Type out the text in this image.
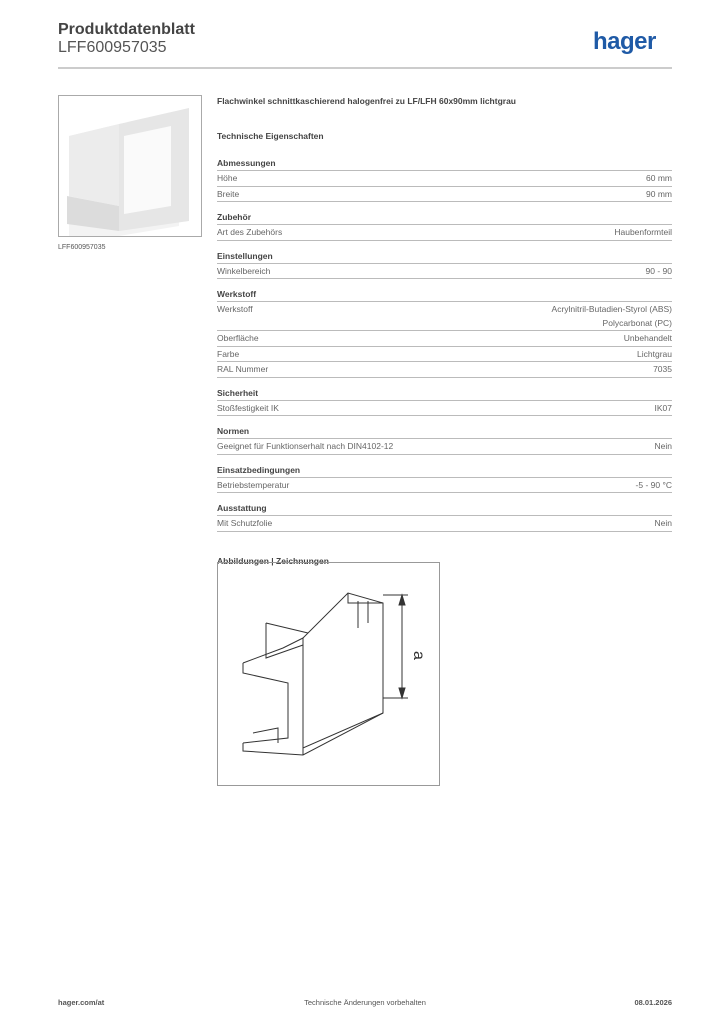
Produktdatenblatt
LFF600957035	hager
LFF600957035
Flachwinkel schnittkaschierend halogenfrei zu LF/LFH 60x90mm lichtgrau
Technische Eigenschaften
Abmessungen
Höhe	60 mm
Breite	90 mm
Zubehör
Art des Zubehörs	Haubenformteil
Einstellungen
Winkelbereich	90 - 90
Werkstoff
Werkstoff	Acrylnitril-Butadien-Styrol (ABS)
Polycarbonat (PC)
Oberfläche	Unbehandelt
Farbe	Lichtgrau
RAL Nummer	7035
Sicherheit
Stoßfestigkeit IK	IK07
Normen
Geeignet für Funktionserhalt nach DIN4102-12	Nein
Einsatzbedingungen
Betriebstemperatur	-5 - 90 °C
Ausstattung
Mit Schutzfolie	Nein
Abbildungen | Zeichnungen
a
hager.com/at	Technische Änderungen vorbehalten	08.01.2026
